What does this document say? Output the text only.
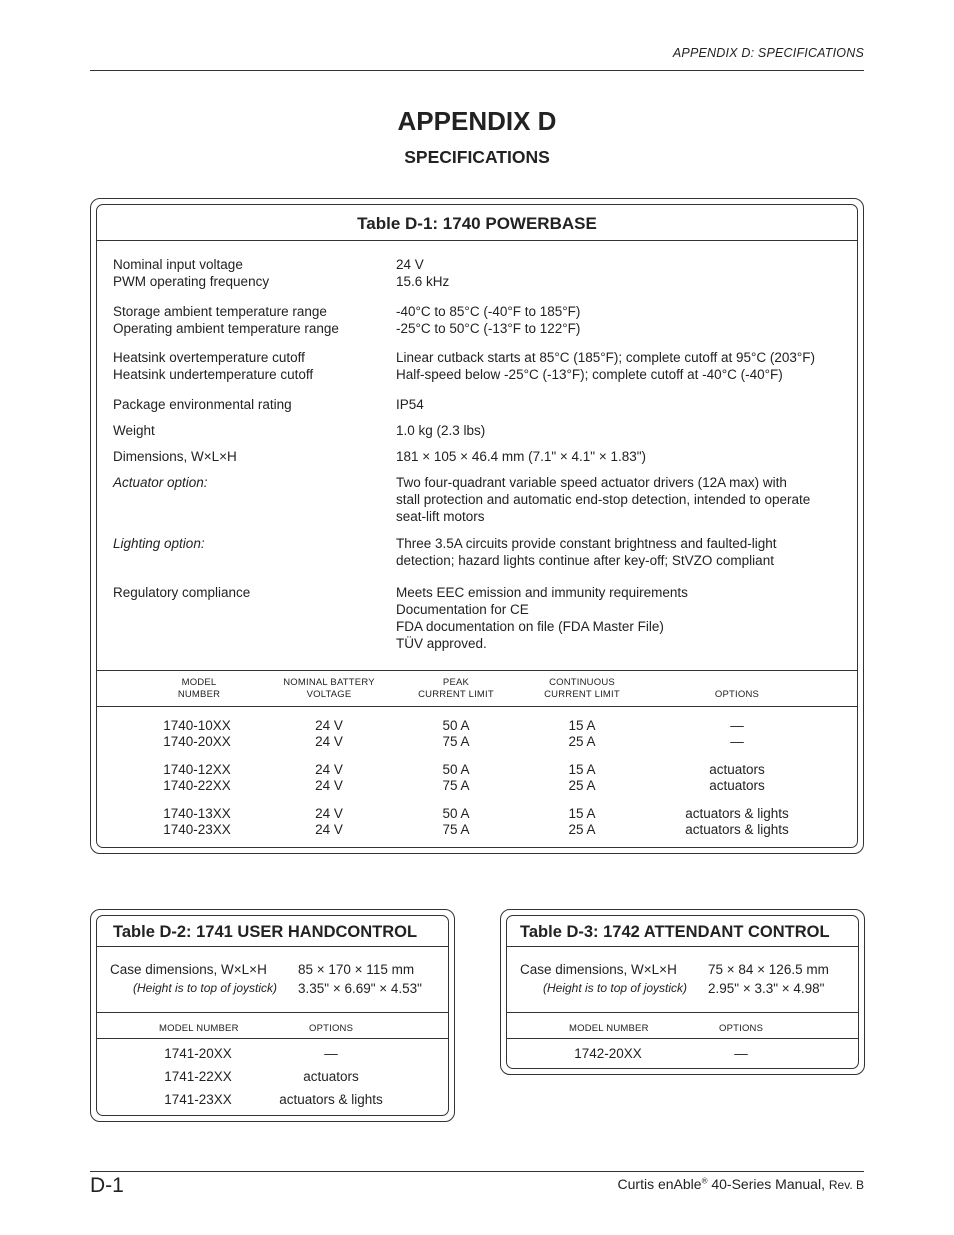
APPENDIX D: SPECIFICATIONS
APPENDIX D
SPECIFICATIONS
Table D-1: 1740 POWERBASE
Nominal input voltage	24 V
PWM operating frequency	15.6 kHz
Storage ambient temperature range	-40°C to 85°C (-40°F to 185°F)
Operating ambient temperature range	-25°C to 50°C (-13°F to 122°F)
Heatsink overtemperature cutoff	Linear cutback starts at 85°C (185°F); complete cutoff at 95°C (203°F)
Heatsink undertemperature cutoff	Half-speed below -25°C (-13°F); complete cutoff at -40°C (-40°F)
Package environmental rating	IP54
Weight	1.0 kg (2.3 lbs)
Dimensions, W×L×H	181 × 105 × 46.4 mm (7.1" × 4.1" × 1.83")
Actuator option:	Two four-quadrant variable speed actuator drivers (12A max) with
stall protection and automatic end-stop detection, intended to operate
seat-lift motors
Lighting option:	Three 3.5A circuits provide constant brightness and faulted-light
detection; hazard lights continue after key-off; StVZO compliant
Regulatory compliance	Meets EEC emission and immunity requirements
Documentation for CE
FDA documentation on file (FDA Master File)
TÜV approved.
MODEL
NUMBER
NOMINAL BATTERY
VOLTAGE
PEAK
CURRENT LIMIT
CONTINUOUS
CURRENT LIMIT	OPTIONS
1740-10XX	24 V	50 A	15 A	—
1740-20XX	24 V	75 A	25 A	—
1740-12XX	24 V	50 A	15 A	actuators
1740-22XX	24 V	75 A	25 A	actuators
1740-13XX	24 V	50 A	15 A	actuators & lights
1740-23XX	24 V	75 A	25 A	actuators & lights
Table D-2: 1741 USER HANDCONTROL
Case dimensions, W×L×H
(Height is to top of joystick)
85 × 170 × 115 mm
3.35" × 6.69" × 4.53"
MODEL NUMBER	OPTIONS
1741-20XX	—
1741-22XX	actuators
1741-23XX	actuators & lights
Table D-3: 1742 ATTENDANT CONTROL
Case dimensions, W×L×H
(Height is to top of joystick)
75 × 84 × 126.5 mm
2.95" × 3.3" × 4.98"
MODEL NUMBER	OPTIONS
1742-20XX	—
D-1	Curtis enAble® 40-Series Manual, Rev. B
